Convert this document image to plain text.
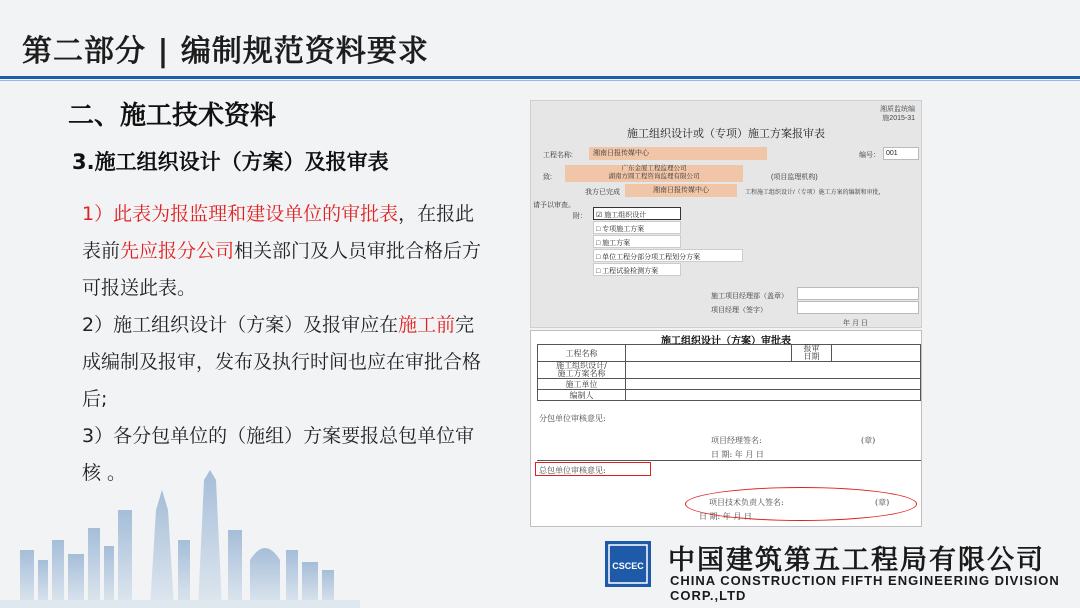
第二部分 | 编制规范资料要求
二、施工技术资料
3.施工组织设计（方案）及报审表

1）此表为报监理和建设单位的审批表，在报此表前先应报分公司相关部门及人员审批合格后方可报送此表。

2）施工组织设计（方案）及报审应在施工前完成编制及报审，发布及执行时间也应在审批合格后;

3）各分包单位的（施组）方案要报总包单位审核 。

湘质监统编
施2015-31
施工组织设计或（专项）施工方案报审表
工程名称:	湘南日报传媒中心	编号： 001
致:
广东金厦工程监理公司
湖南方圆工程咨询监理有限公司	(项目监理机构)
我方已完成	湘南日报传媒中心	工程施工组织设计/（专项）施工方案的编制和审批，
请予以审查。
附： ☑ 施工组织设计
□ 专项施工方案
□ 施工方案
□ 单位工程分部分项工程划分方案
□ 工程试验检测方案
施工项目经理部（盖章）
项目经理（签字）
年 月 日
施工组织设计（方案）审批表
工程名称		报审
日期	

施工组织设计/
施工方案名称			

施工单位			
编制人			
分包单位审核意见:
项目经理签名:	(章)
日 期: 年 月 日
总包单位审核意见:
项目技术负责人签名:	(章)
日 期: 年 月 日
CSCEC 中国建筑第五工程局有限公司
CHINA CONSTRUCTION FIFTH ENGINEERING DIVISION CORP.,LTD
